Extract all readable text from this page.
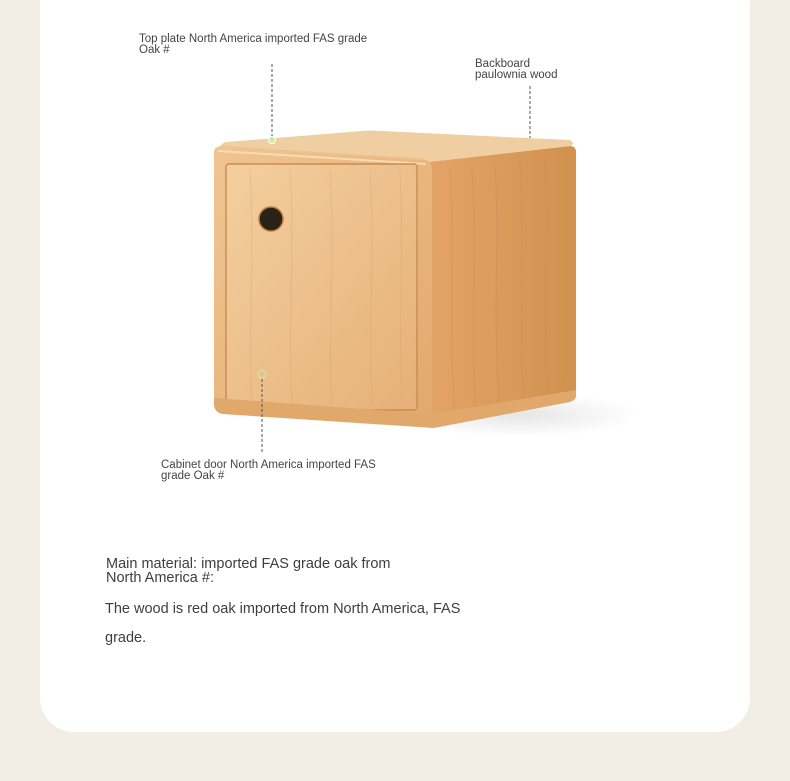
Top plate North America imported FAS grade
Oak #
Backboard
paulownia wood
Cabinet door North America imported FAS
grade Oak #
Main material: imported FAS grade oak from
North America #:
The wood is red oak imported from North America, FAS
grade.
